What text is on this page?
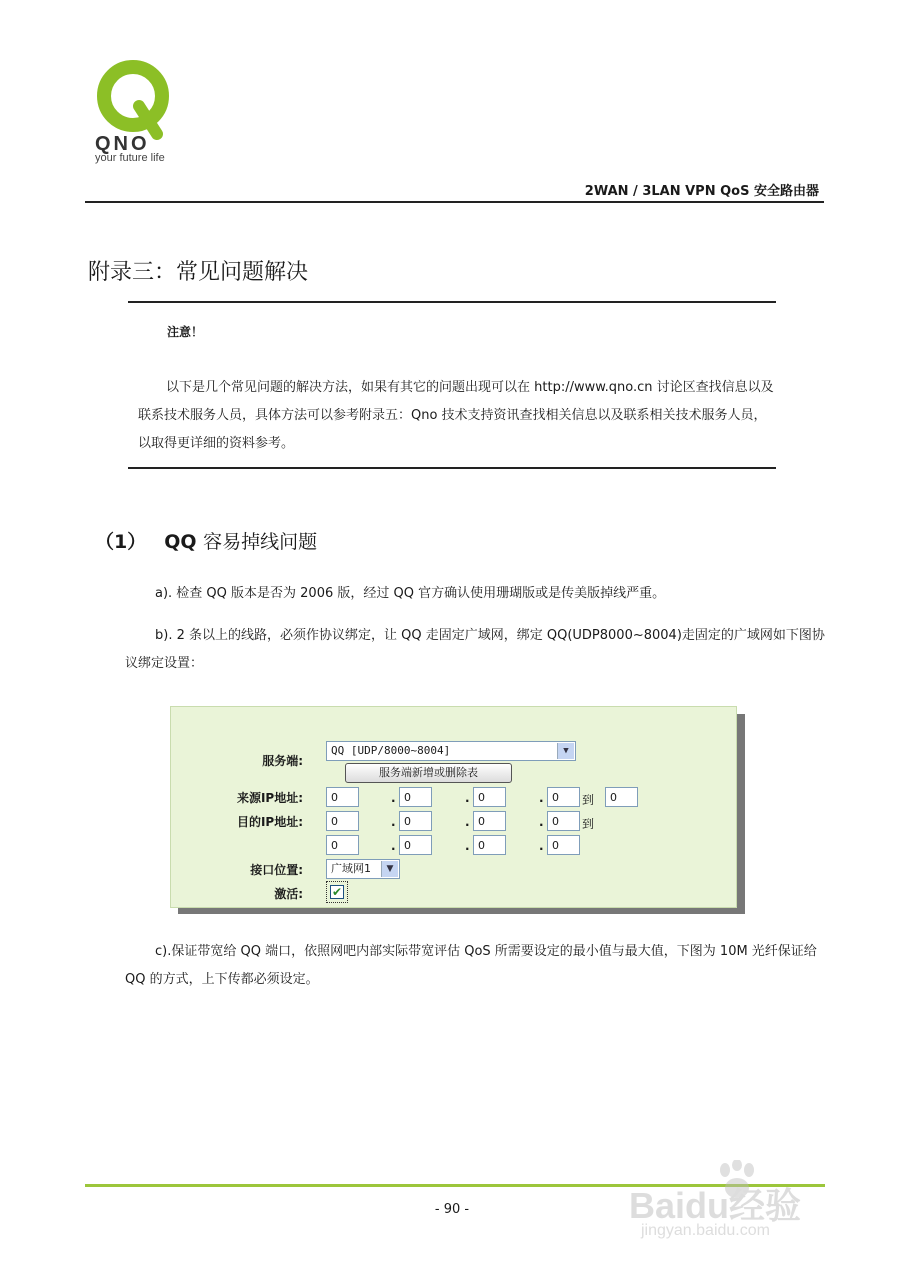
QNO
your future life
2WAN / 3LAN VPN QoS 安全路由器
附录三：常见问题解决
注意！

以下是几个常见问题的解决方法，如果有其它的问题出现可以在 http://www.qno.cn 讨论区查找信息以及联系技术服务人员，具体方法可以参考附录五：Qno 技术支持资讯查找相关信息以及联系相关技术服务人员，以取得更详细的资料参考。

（1） QQ 容易掉线问题
a). 检查 QQ 版本是否为 2006 版，经过 QQ 官方确认使用珊瑚版或是传美版掉线严重。
b). 2 条以上的线路，必须作协议绑定，让 QQ 走固定广域网，绑定 QQ(UDP8000~8004)走固定的广域网如下图协议绑定设置：
服务端:
QQ [UDP/8000~8004]	▼
服务端新增或删除表
来源IP地址:	0	. 0	. 0	. 0	到	0
目的IP地址:	0	. 0	. 0	. 0	到
0	. 0	. 0	. 0
接口位置:	广域网1	▼
激活: ✔
c).保证带宽给 QQ 端口，依照网吧内部实际带宽评估 QoS 所需要设定的最小值与最大值，下图为 10M 光纤保证给 QQ 的方式，上下传都必须设定。
- 90 -	Baidu经验
jingyan.baidu.com
